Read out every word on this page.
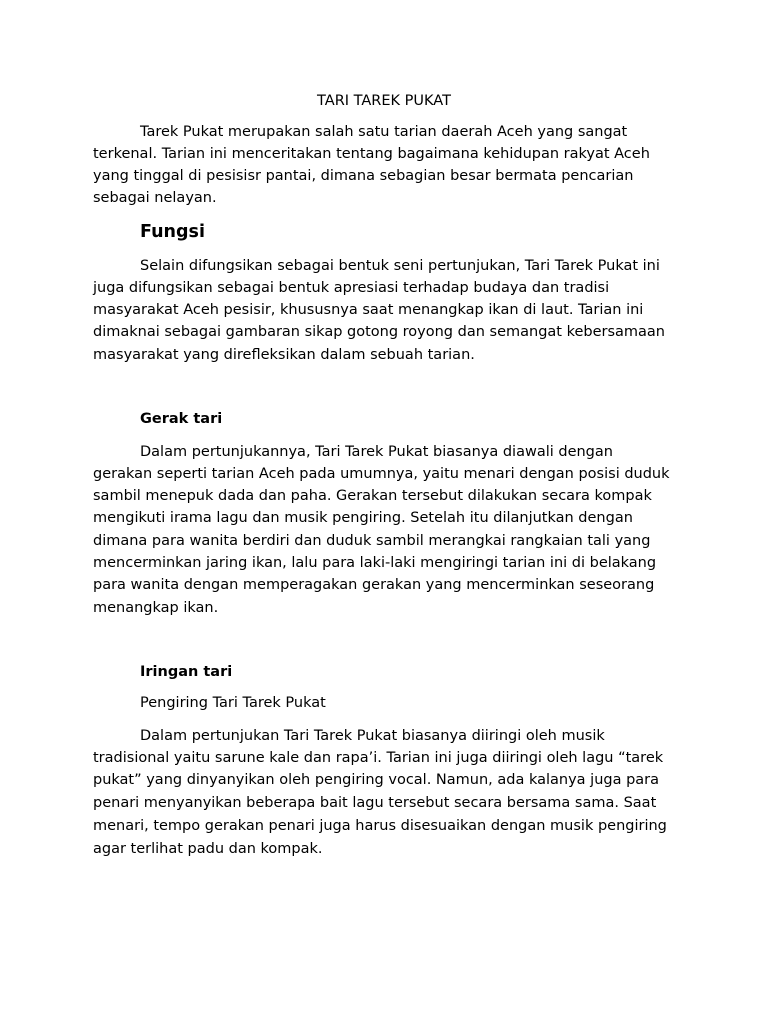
TARI TAREK PUKAT
Tarek Pukat merupakan salah satu tarian daerah Aceh yang sangat
terkenal. Tarian ini menceritakan tentang bagaimana kehidupan rakyat Aceh
yang tinggal di pesisisr pantai, dimana sebagian besar bermata pencarian
sebagai nelayan.
Fungsi
Selain difungsikan sebagai bentuk seni pertunjukan, Tari Tarek Pukat ini
juga difungsikan sebagai bentuk apresiasi terhadap budaya dan tradisi
masyarakat Aceh pesisir, khususnya saat menangkap ikan di laut. Tarian ini
dimaknai sebagai gambaran sikap gotong royong dan semangat kebersamaan
masyarakat yang direfleksikan dalam sebuah tarian.
Gerak tari
Dalam pertunjukannya, Tari Tarek Pukat biasanya diawali dengan
gerakan seperti tarian Aceh pada umumnya, yaitu menari dengan posisi duduk
sambil menepuk dada dan paha. Gerakan tersebut dilakukan secara kompak
mengikuti irama lagu dan musik pengiring. Setelah itu dilanjutkan dengan
dimana para wanita berdiri dan duduk sambil merangkai rangkaian tali yang
mencerminkan jaring ikan, lalu para laki-laki mengiringi tarian ini di belakang
para wanita dengan memperagakan gerakan yang mencerminkan seseorang
menangkap ikan.
Iringan tari
Pengiring Tari Tarek Pukat
Dalam pertunjukan Tari Tarek Pukat biasanya diiringi oleh musik
tradisional yaitu sarune kale dan rapa’i. Tarian ini juga diiringi oleh lagu “tarek
pukat” yang dinyanyikan oleh pengiring vocal. Namun, ada kalanya juga para
penari menyanyikan beberapa bait lagu tersebut secara bersama sama. Saat
menari, tempo gerakan penari juga harus disesuaikan dengan musik pengiring
agar terlihat padu dan kompak.
